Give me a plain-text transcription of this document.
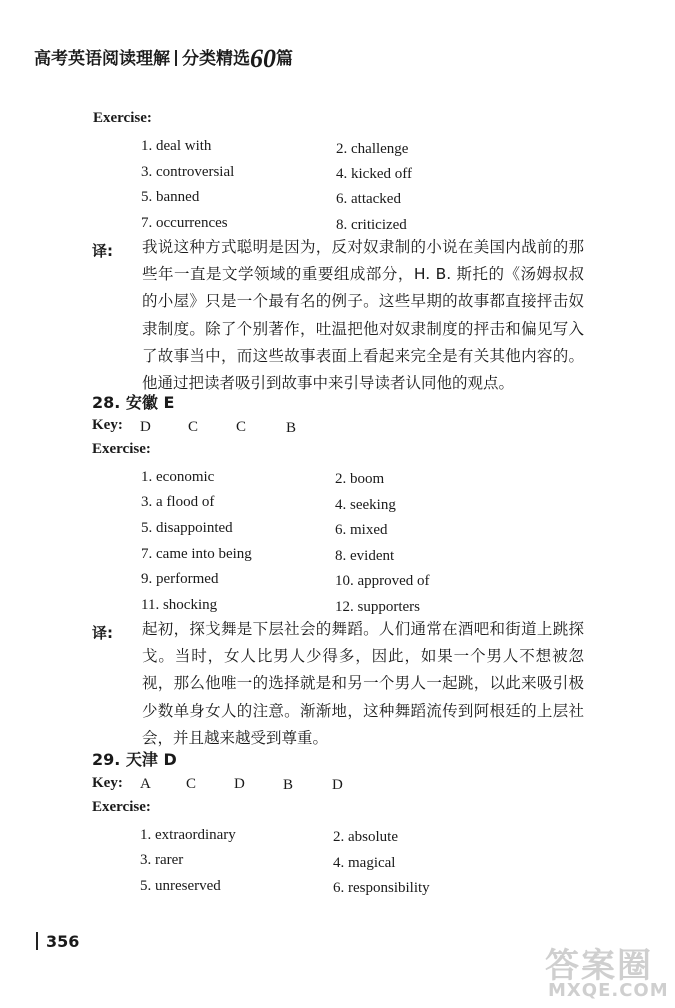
高考英语阅读理解 分类精选60篇
Exercise:
1. deal with	2. challenge
3. controversial	4. kicked off
5. banned	6. attacked
7. occurrences	8. criticized
译: 我说这种方式聪明是因为，反对奴隶制的小说在美国内战前的那些年一直是文学领域的重要组成部分，H. B. 斯托的《汤姆叔叔的小屋》只是一个最有名的例子。这些早期的故事都直接抨击奴隶制度。除了个别著作，吐温把他对奴隶制度的抨击和偏见写入了故事当中，而这些故事表面上看起来完全是有关其他内容的。他通过把读者吸引到故事中来引导读者认同他的观点。
28. 安徽 E
Key: D C	C	B
Exercise:
1. economic	2. boom
3. a flood of	4. seeking
5. disappointed	6. mixed
7. came into being	8. evident
9. performed	10. approved of
11. shocking	12. supporters
译: 起初，探戈舞是下层社会的舞蹈。人们通常在酒吧和街道上跳探戈。当时，女人比男人少得多，因此，如果一个男人不想被忽视，那么他唯一的选择就是和另一个男人一起跳，以此来吸引极少数单身女人的注意。渐渐地，这种舞蹈流传到阿根廷的上层社会，并且越来越受到尊重。
29. 天津 D
Key: A C	D	B	D
Exercise:
1. extraordinary	2. absolute
3. rarer	4. magical
5. unreserved	6. responsibility
356
答案圈
MXQE.COM
